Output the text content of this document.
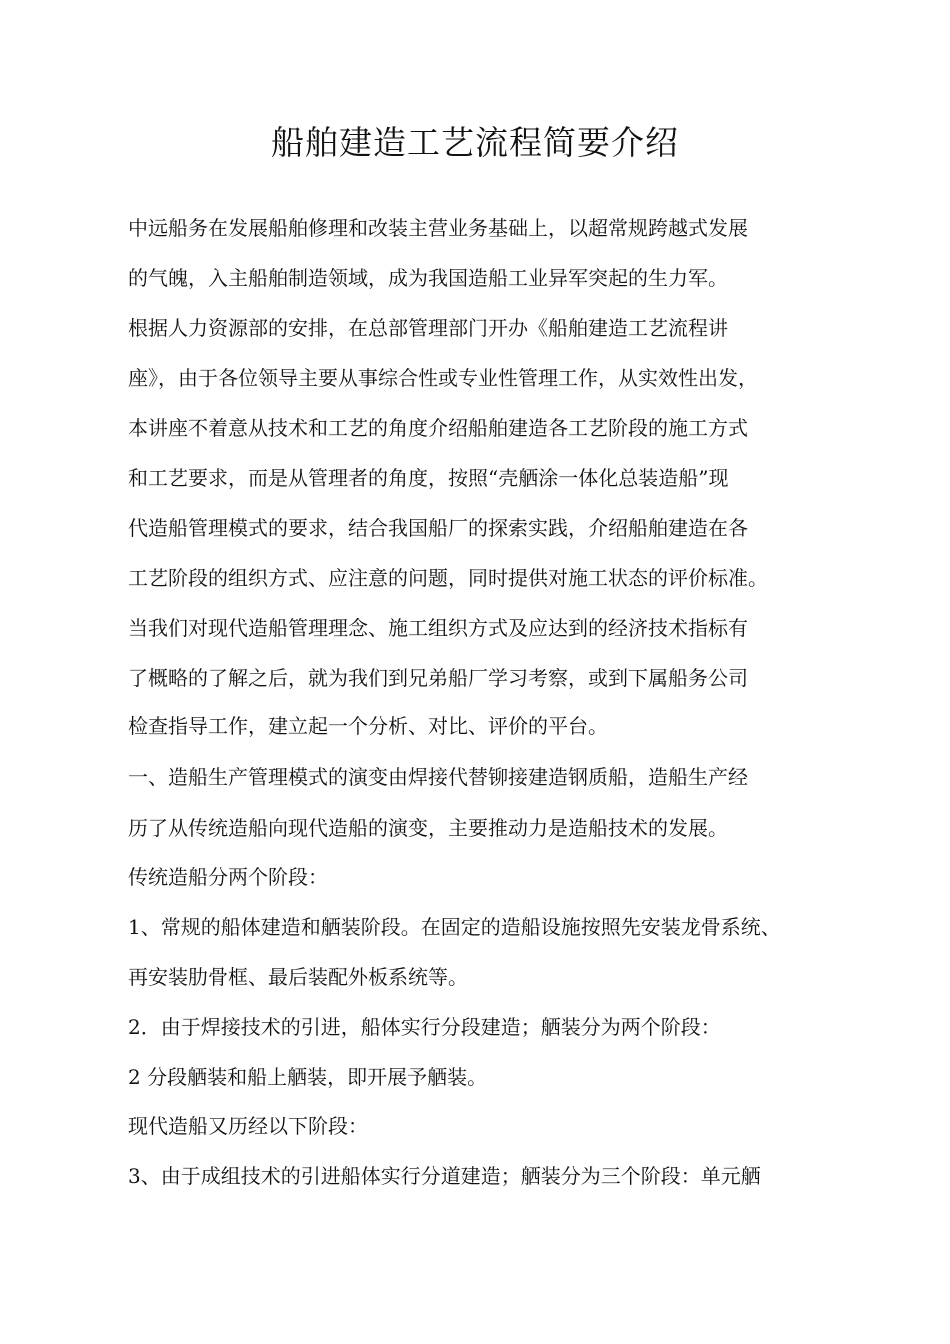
船舶建造工艺流程简要介绍

中远船务在发展船舶修理和改装主营业务基础上，以超常规跨越式发展

的气魄，入主船舶制造领域，成为我国造船工业异军突起的生力军。

根据人力资源部的安排，在总部管理部门开办《船舶建造工艺流程讲

座》，由于各位领导主要从事综合性或专业性管理工作，从实效性出发，

本讲座不着意从技术和工艺的角度介绍船舶建造各工艺阶段的施工方式

和工艺要求，而是从管理者的角度，按照“壳舾涂一体化总装造船”现

代造船管理模式的要求，结合我国船厂的探索实践，介绍船舶建造在各

工艺阶段的组织方式、应注意的问题，同时提供对施工状态的评价标准。

当我们对现代造船管理理念、施工组织方式及应达到的经济技术指标有

了概略的了解之后，就为我们到兄弟船厂学习考察，或到下属船务公司

检查指导工作，建立起一个分析、对比、评价的平台。

一、造船生产管理模式的演变由焊接代替铆接建造钢质船，造船生产经

历了从传统造船向现代造船的演变，主要推动力是造船技术的发展。

传统造船分两个阶段：

1、常规的船体建造和舾装阶段。在固定的造船设施按照先安装龙骨系统、

再安装肋骨框、最后装配外板系统等。

2．由于焊接技术的引进，船体实行分段建造；舾装分为两个阶段：

2 分段舾装和船上舾装，即开展予舾装。

现代造船又历经以下阶段：

3、由于成组技术的引进船体实行分道建造；舾装分为三个阶段：单元舾
